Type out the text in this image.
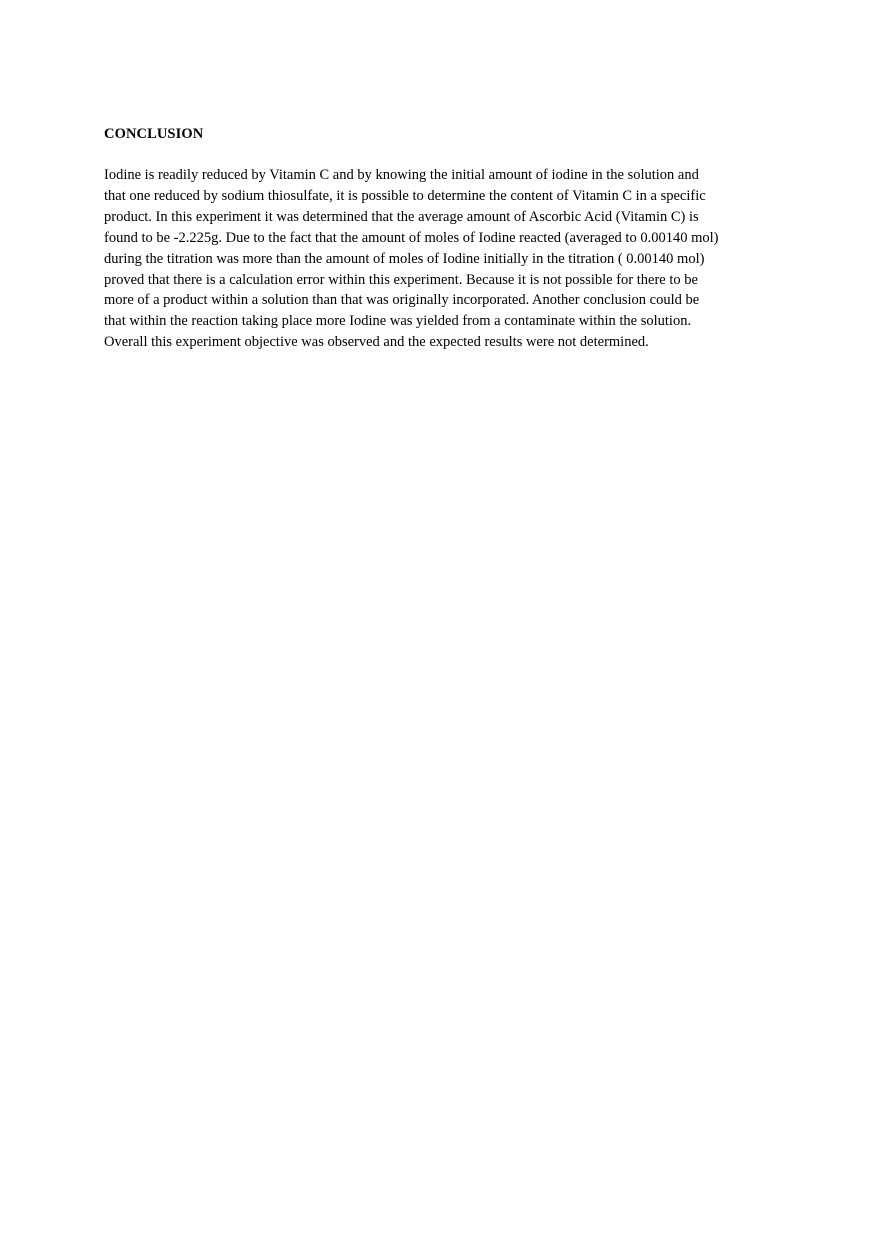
CONCLUSION

Iodine is readily reduced by Vitamin C and by knowing the initial amount of iodine in the solution and
that one reduced by sodium thiosulfate, it is possible to determine the content of Vitamin C in a specific
product. In this experiment it was determined that the average amount of Ascorbic Acid (Vitamin C) is
found to be -2.225g. Due to the fact that the amount of moles of Iodine reacted (averaged to 0.00140 mol)
during the titration was more than the amount of moles of Iodine initially in the titration ( 0.00140 mol)
proved that there is a calculation error within this experiment. Because it is not possible for there to be
more of a product within a solution than that was originally incorporated. Another conclusion could be
that within the reaction taking place more Iodine was yielded from a contaminate within the solution.
Overall this experiment objective was observed and the expected results were not determined.
